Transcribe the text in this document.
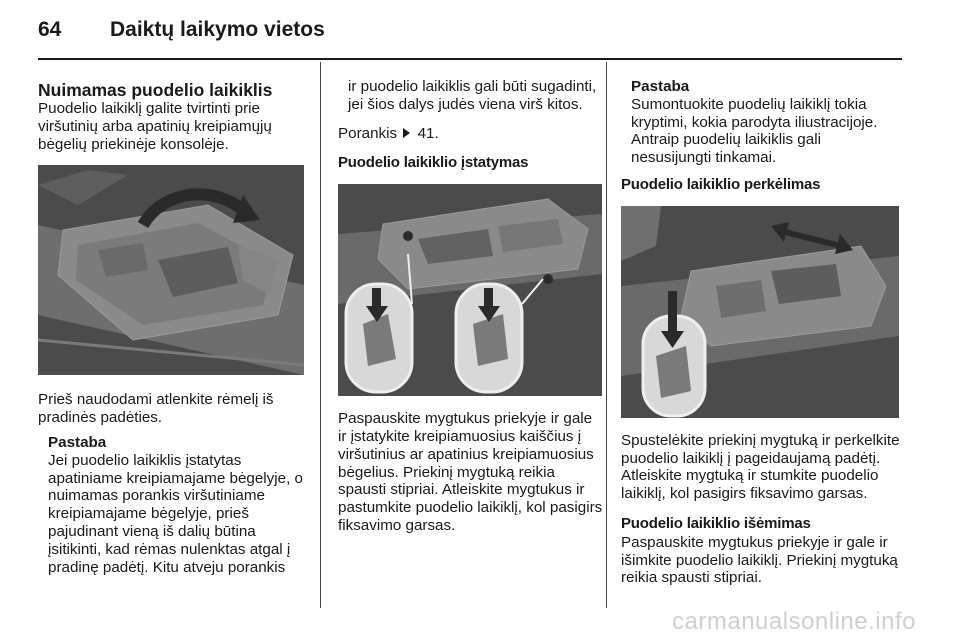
64 Daiktų laikymo vietos
Nuimamas puodelio laikiklis

Puodelio laikiklį galite tvirtinti prie viršutinių arba apatinių kreipiamųjų bėgelių priekinėje konsolėje.

Prieš naudodami atlenkite rėmelį iš pradinės padėties.

Pastaba

Jei puodelio laikiklis įstatytas apatiniame kreipiamajame bėgelyje, o nuimamas porankis viršutiniame kreipiamajame bėgelyje, prieš pajudinant vieną iš dalių būtina įsitikinti, kad rėmas nulenktas atgal į pradinę padėtį. Kitu atveju porankis

ir puodelio laikiklis gali būti sugadinti, jei šios dalys judės viena virš kitos.

Porankis 41.

Puodelio laikiklio įstatymas

Paspauskite mygtukus priekyje ir gale ir įstatykite kreipiamuosius kaiščius į viršutinius ar apatinius kreipiamuosius bėgelius. Priekinį mygtuką reikia spausti stipriai. Atleiskite mygtukus ir pastumkite puodelio laikiklį, kol pasigirs fiksavimo garsas.

Pastaba

Sumontuokite puodelių laikiklį tokia kryptimi, kokia parodyta iliustracijoje. Antraip puodelių laikiklis gali nesusijungti tinkamai.

Puodelio laikiklio perkėlimas

Spustelėkite priekinį mygtuką ir perkelkite puodelio laikiklį į pageidaujamą padėtį. Atleiskite mygtuką ir stumkite puodelio laikiklį, kol pasigirs fiksavimo garsas.

Puodelio laikiklio išėmimas

Paspauskite mygtukus priekyje ir gale ir išimkite puodelio laikiklį. Priekinį mygtuką reikia spausti stipriai.

carmanualsonline.info
